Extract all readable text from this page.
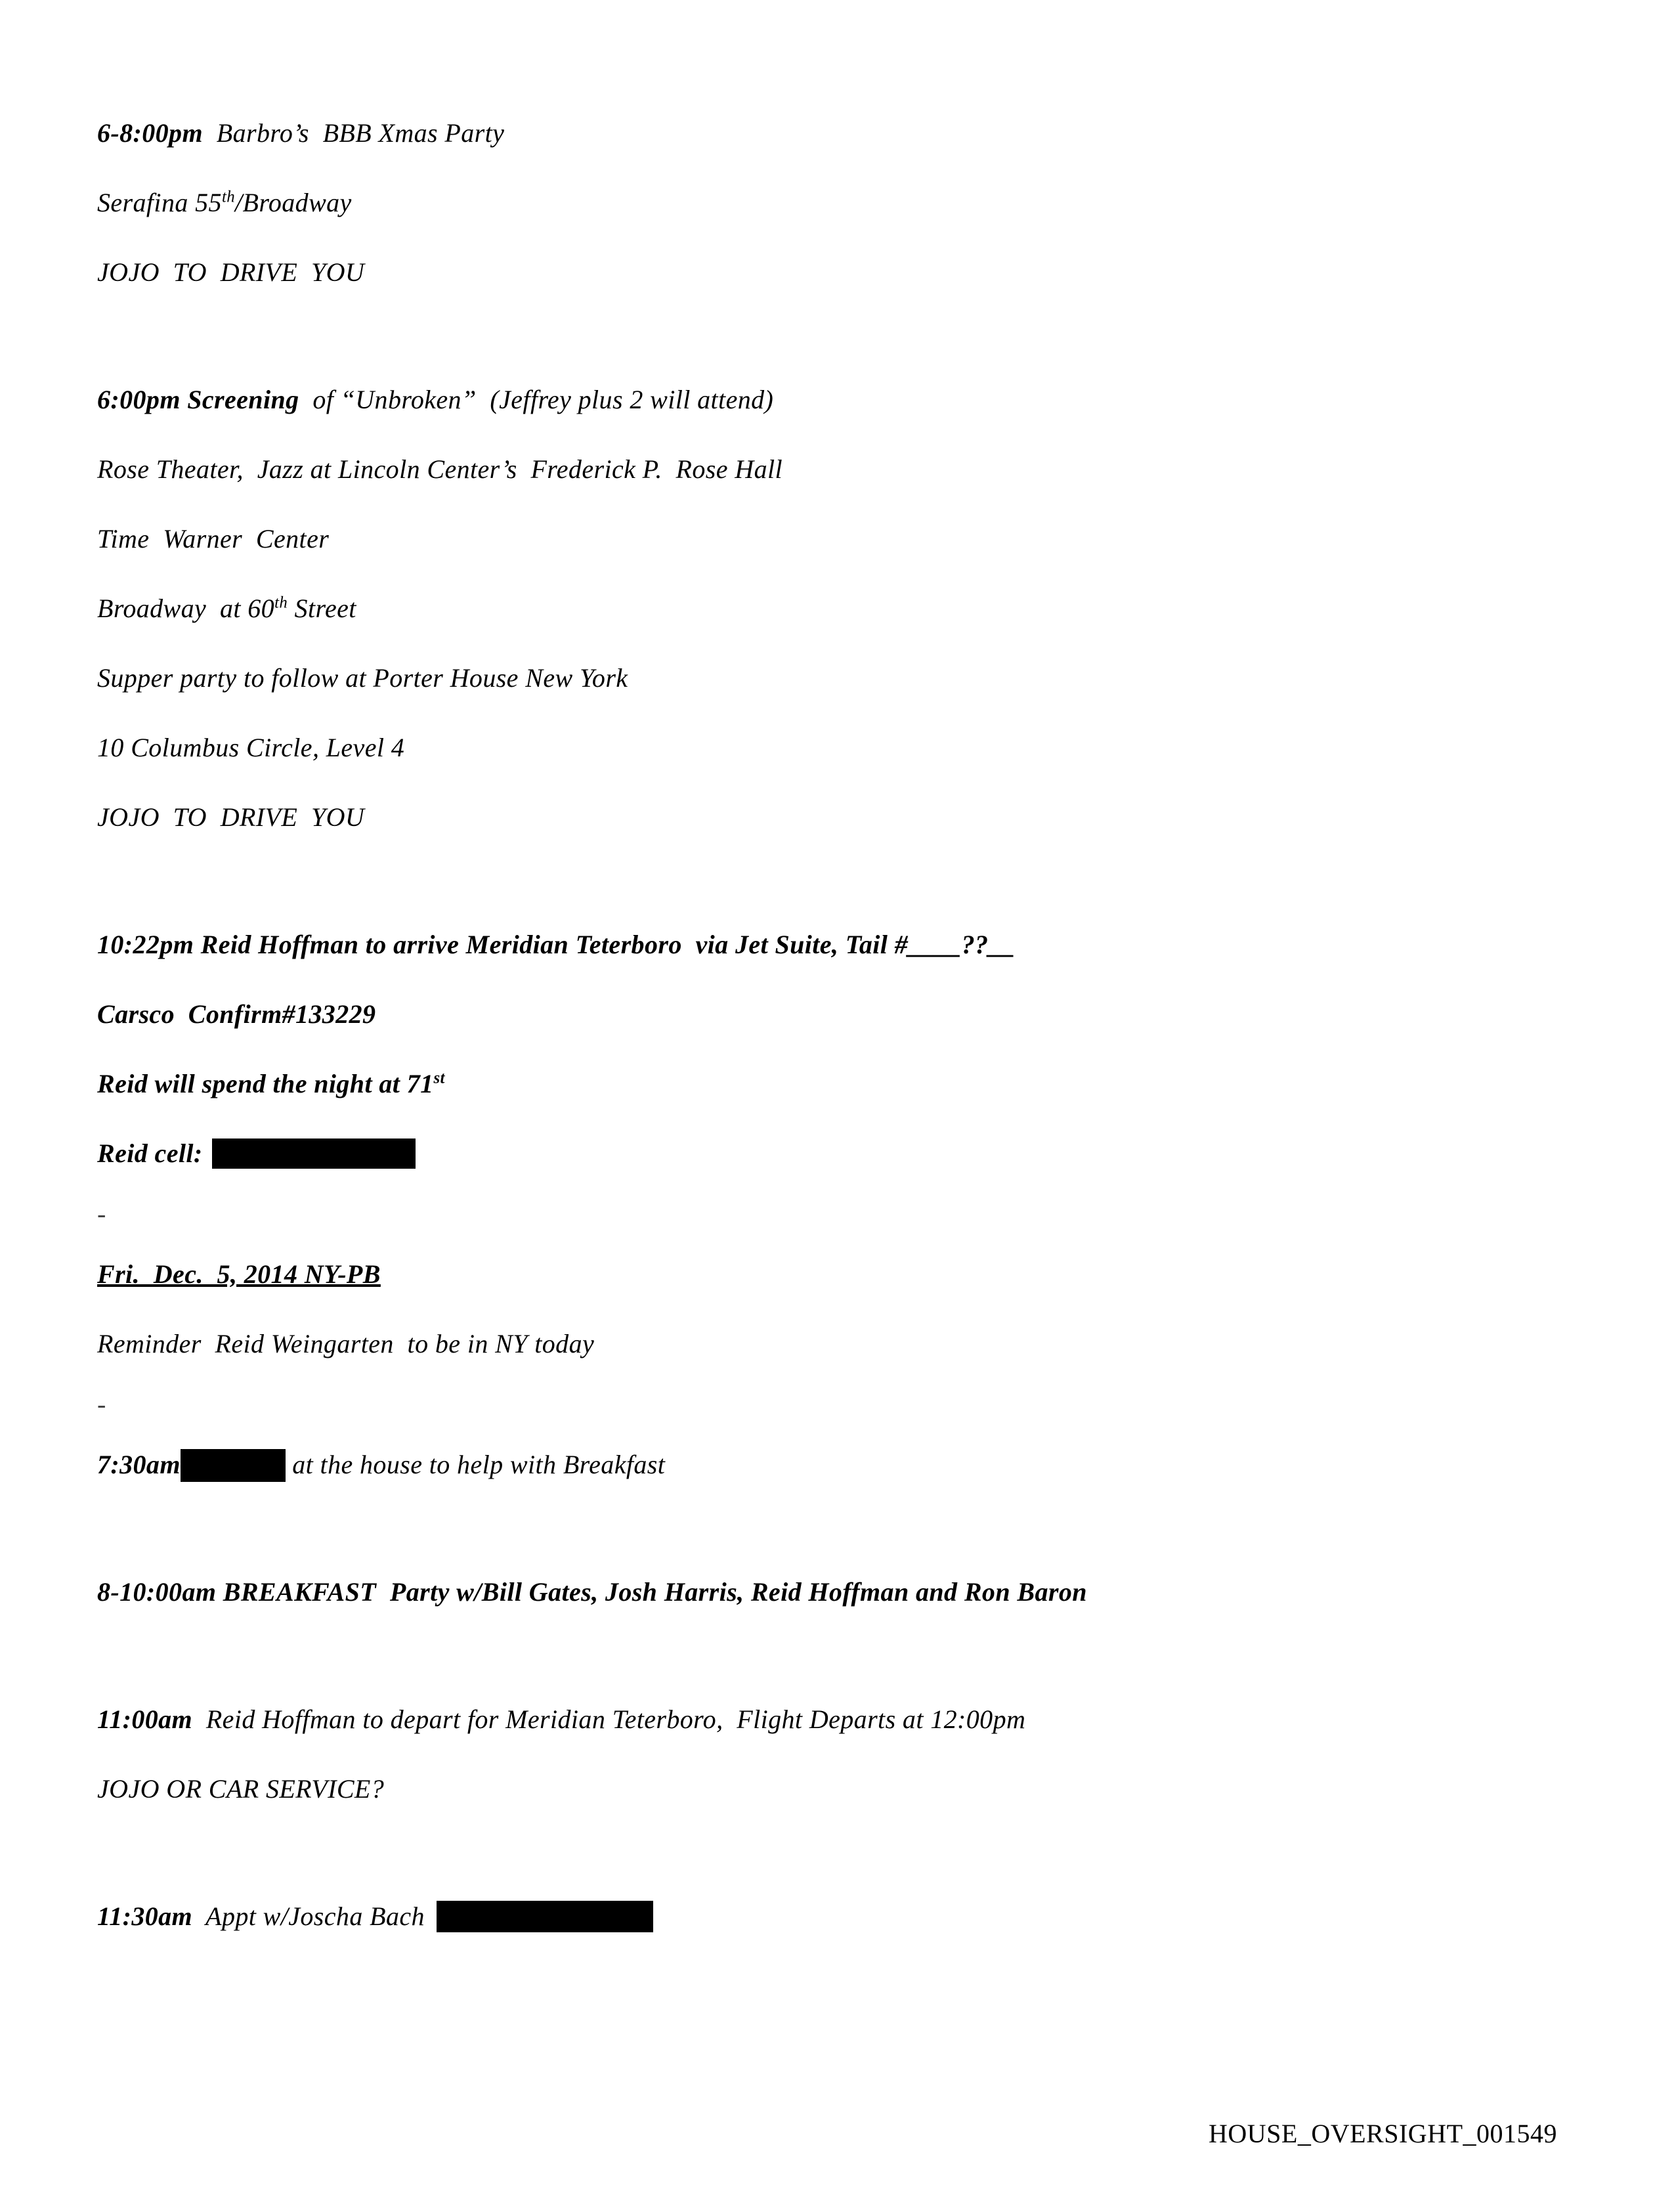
6-8:00pm  Barbro’s  BBB Xmas Party
Serafina 55th/Broadway
JOJO  TO  DRIVE  YOU
6:00pm Screening  of “Unbroken”  (Jeffrey plus 2 will attend)
Rose Theater,  Jazz at Lincoln Center’s  Frederick P.  Rose Hall
Time  Warner  Center
Broadway  at 60th Street
Supper party to follow at Porter House New York
10 Columbus Circle, Level 4
JOJO  TO  DRIVE  YOU
10:22pm Reid Hoffman to arrive Meridian Teterboro  via Jet Suite, Tail #____??__
Carsco  Confirm#133229
Reid will spend the night at 71st
Reid cell:
-
Fri.  Dec.  5, 2014 NY-PB
Reminder  Reid Weingarten  to be in NY today
-
7:30am	at the house to help with Breakfast
8-10:00am BREAKFAST  Party w/Bill Gates, Josh Harris, Reid Hoffman and Ron Baron
11:00am  Reid Hoffman to depart for Meridian Teterboro,  Flight Departs at 12:00pm
JOJO OR CAR SERVICE?
11:30am  Appt w/Joscha Bach
HOUSE_OVERSIGHT_001549
